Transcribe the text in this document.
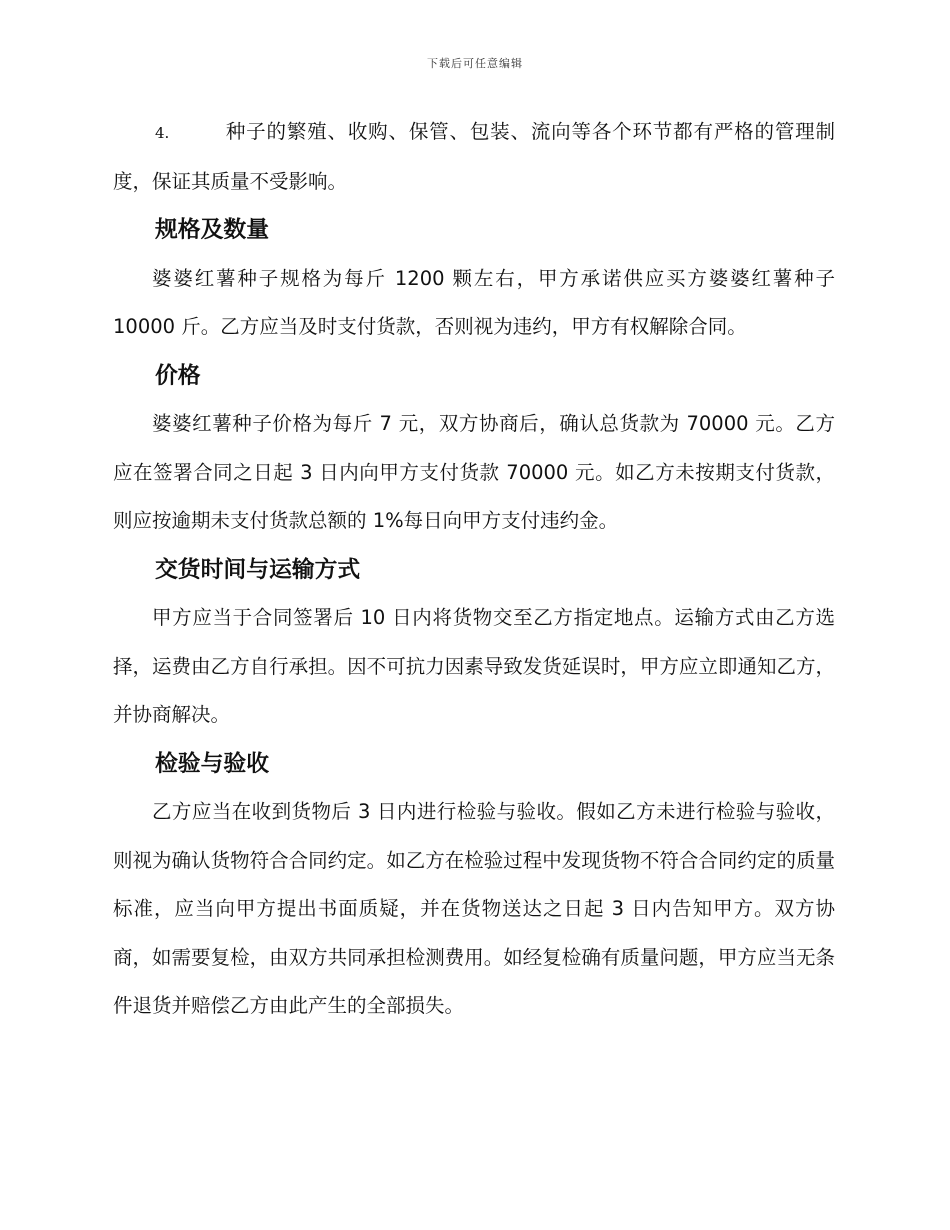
下载后可任意编辑

4.	种子的繁殖、收购、保管、包装、流向等各个环节都有严格的管理制度，保证其质量不受影响。

规格及数量

婆婆红薯种子规格为每斤 1200 颗左右，甲方承诺供应买方婆婆红薯种子 10000 斤。乙方应当及时支付货款，否则视为违约，甲方有权解除合同。

价格

婆婆红薯种子价格为每斤 7 元，双方协商后，确认总货款为 70000 元。乙方应在签署合同之日起 3 日内向甲方支付货款 70000 元。如乙方未按期支付货款，则应按逾期未支付货款总额的 1%每日向甲方支付违约金。

交货时间与运输方式

甲方应当于合同签署后 10 日内将货物交至乙方指定地点。运输方式由乙方选择，运费由乙方自行承担。因不可抗力因素导致发货延误时，甲方应立即通知乙方，并协商解决。

检验与验收

乙方应当在收到货物后 3 日内进行检验与验收。假如乙方未进行检验与验收，则视为确认货物符合合同约定。如乙方在检验过程中发现货物不符合合同约定的质量标准，应当向甲方提出书面质疑，并在货物送达之日起 3 日内告知甲方。双方协商，如需要复检，由双方共同承担检测费用。如经复检确有质量问题，甲方应当无条件退货并赔偿乙方由此产生的全部损失。
